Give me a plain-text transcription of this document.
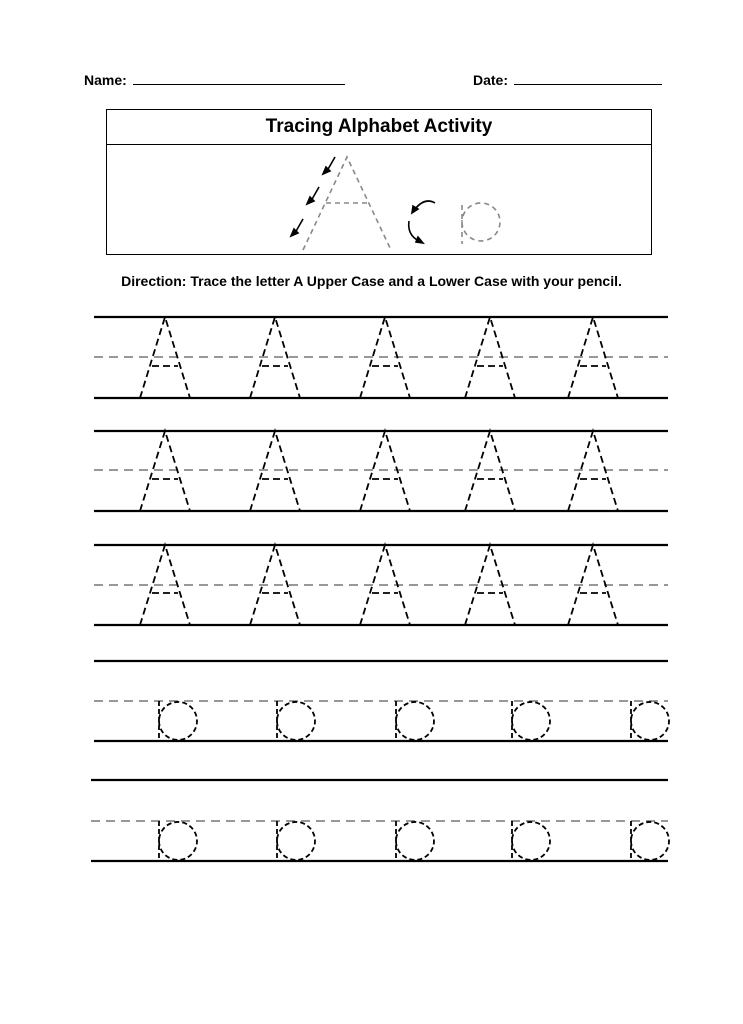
Name:	Date:
Tracing Alphabet Activity
Direction: Trace the letter A Upper Case and a Lower Case with your pencil.
